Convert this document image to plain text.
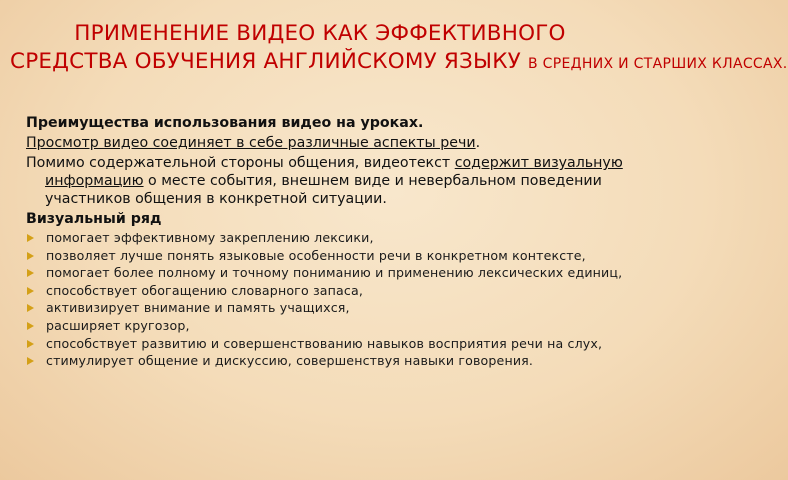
ПРИМЕНЕНИЕ ВИДЕО КАК ЭФФЕКТИВНОГО
СРЕДСТВА ОБУЧЕНИЯ АНГЛИЙСКОМУ ЯЗЫКУ В СРЕДНИХ И СТАРШИХ КЛАССАХ.

Преимущества использования видео на уроках.

Просмотр видео соединяет в себе различные аспекты речи.

Помимо содержательной стороны общения, видеотекст содержит визуальную информацию о месте события, внешнем виде и невербальном поведении участников общения в конкретной ситуации.

Визуальный ряд

помогает эффективному закреплению лексики,
позволяет лучше понять языковые особенности речи в конкретном контексте,
помогает более полному и точному пониманию и применению лексических единиц,
способствует обогащению словарного запаса,
активизирует внимание и память учащихся,
расширяет кругозор,
способствует развитию и совершенствованию навыков восприятия речи на слух,
стимулирует общение и дискуссию, совершенствуя навыки говорения.
